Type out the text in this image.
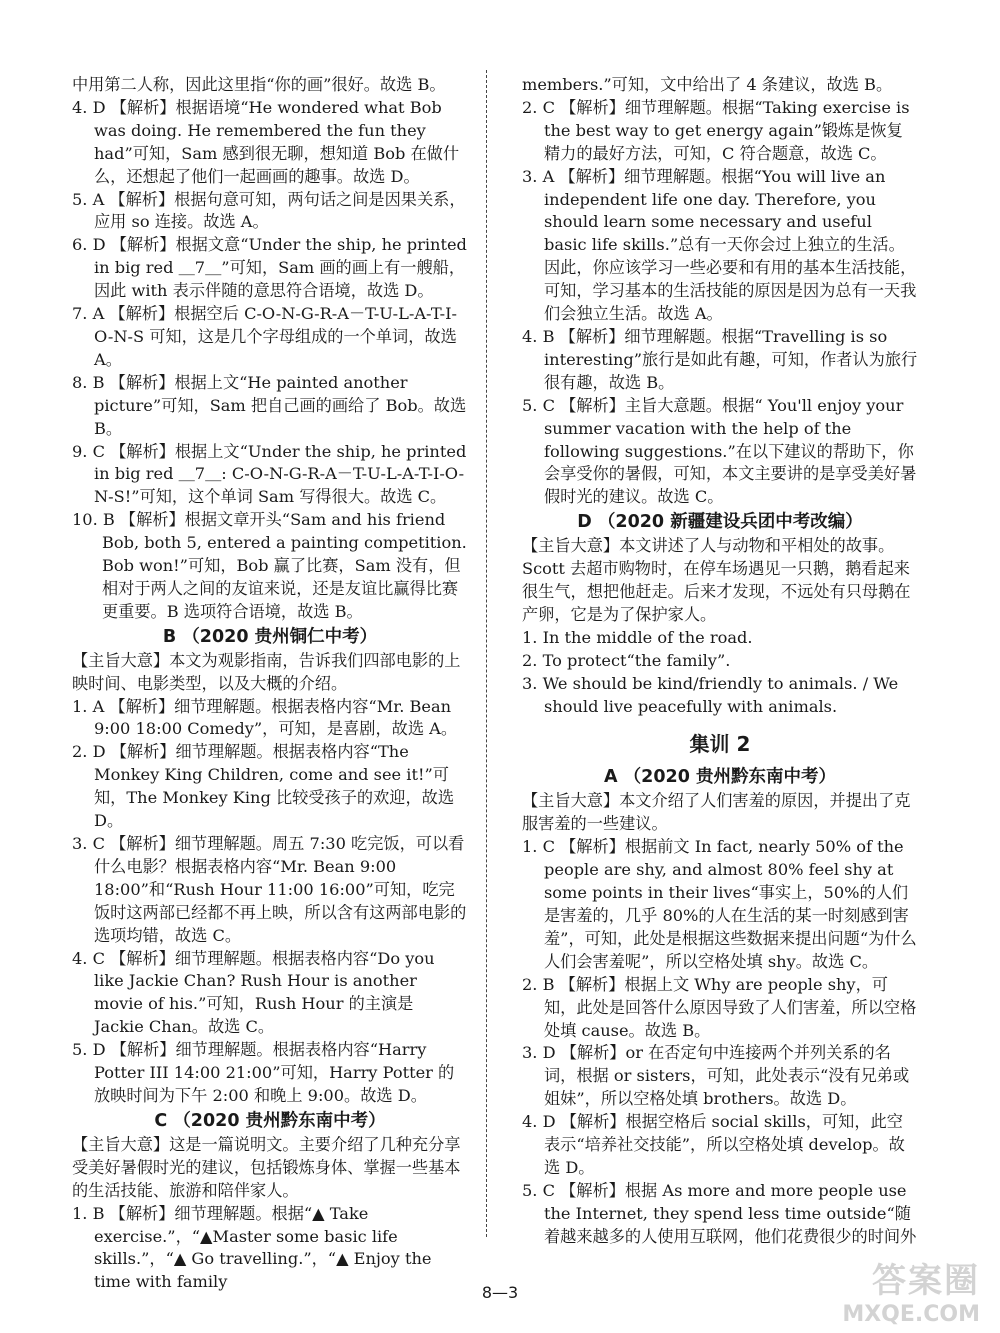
中用第二人称，因此这里指“你的画”很好。故选 B。

4. D 【解析】根据语境“He wondered what Bob was doing. He remembered the fun they had”可知，Sam 感到很无聊，想知道 Bob 在做什么，还想起了他们一起画画的趣事。故选 D。

5. A 【解析】根据句意可知，两句话之间是因果关系，应用 so 连接。故选 A。

6. D 【解析】根据文意“Under the ship, he printed in big red ＿7＿”可知，Sam 画的画上有一艘船，因此 with 表示伴随的意思符合语境，故选 D。

7. A 【解析】根据空后 C-O-N-G-R-A－T-U-L-A-T-I-O-N-S 可知，这是几个字母组成的一个单词，故选 A。

8. B 【解析】根据上文“He painted another picture”可知，Sam 把自己画的画给了 Bob。故选 B。

9. C 【解析】根据上文“Under the ship, he printed in big red ＿7＿: C-O-N-G-R-A－T-U-L-A-T-I-O-N-S!”可知，这个单词 Sam 写得很大。故选 C。

10. B 【解析】根据文章开头“Sam and his friend Bob, both 5, entered a painting competition. Bob won!”可知，Bob 赢了比赛，Sam 没有，但相对于两人之间的友谊来说，还是友谊比赢得比赛更重要。B 选项符合语境，故选 B。

B （2020 贵州铜仁中考）

【主旨大意】本文为观影指南，告诉我们四部电影的上映时间、电影类型，以及大概的介绍。

1. A 【解析】细节理解题。根据表格内容“Mr. Bean 9:00 18:00 Comedy”，可知，是喜剧，故选 A。

2. D 【解析】细节理解题。根据表格内容“The Monkey King Children, come and see it!”可知，The Monkey King 比较受孩子的欢迎，故选 D。

3. C 【解析】细节理解题。周五 7:30 吃完饭，可以看什么电影？根据表格内容“Mr. Bean 9:00 18:00”和“Rush Hour 11:00 16:00”可知，吃完饭时这两部已经都不再上映，所以含有这两部电影的选项均错，故选 C。

4. C 【解析】细节理解题。根据表格内容“Do you like Jackie Chan? Rush Hour is another movie of his.”可知，Rush Hour 的主演是 Jackie Chan。故选 C。

5. D 【解析】细节理解题。根据表格内容“Harry Potter III 14:00 21:00”可知，Harry Potter 的放映时间为下午 2:00 和晚上 9:00。故选 D。

C （2020 贵州黔东南中考）

【主旨大意】这是一篇说明文。主要介绍了几种充分享受美好暑假时光的建议，包括锻炼身体、掌握一些基本的生活技能、旅游和陪伴家人。

1. B 【解析】细节理解题。根据“▲ Take exercise.”，“▲Master some basic life skills.”，“▲ Go travelling.”，“▲ Enjoy the time with family

members.”可知，文中给出了 4 条建议，故选 B。

2. C 【解析】细节理解题。根据“Taking exercise is the best way to get energy again”锻炼是恢复精力的最好方法，可知，C 符合题意，故选 C。

3. A 【解析】细节理解题。根据“You will live an independent life one day. Therefore, you should learn some necessary and useful basic life skills.”总有一天你会过上独立的生活。因此，你应该学习一些必要和有用的基本生活技能，可知，学习基本的生活技能的原因是因为总有一天我们会独立生活。故选 A。

4. B 【解析】细节理解题。根据“Travelling is so interesting”旅行是如此有趣，可知，作者认为旅行很有趣，故选 B。

5. C 【解析】主旨大意题。根据“ You'll enjoy your summer vacation with the help of the following suggestions.”在以下建议的帮助下，你会享受你的暑假，可知，本文主要讲的是享受美好暑假时光的建议。故选 C。

D （2020 新疆建设兵团中考改编）

【主旨大意】本文讲述了人与动物和平相处的故事。Scott 去超市购物时，在停车场遇见一只鹅，鹅看起来很生气，想把他赶走。后来才发现，不远处有只母鹅在产卵，它是为了保护家人。

1. In the middle of the road.

2. To protect“the family”.

3. We should be kind/friendly to animals. / We should live peacefully with animals.

集训 2

A （2020 贵州黔东南中考）

【主旨大意】本文介绍了人们害羞的原因，并提出了克服害羞的一些建议。

1. C 【解析】根据前文 In fact, nearly 50% of the people are shy, and almost 80% feel shy at some points in their lives“事实上，50%的人们是害羞的，几乎 80%的人在生活的某一时刻感到害羞”，可知，此处是根据这些数据来提出问题“为什么人们会害羞呢”，所以空格处填 shy。故选 C。

2. B 【解析】根据上文 Why are people shy，可知，此处是回答什么原因导致了人们害羞，所以空格处填 cause。故选 B。

3. D 【解析】or 在否定句中连接两个并列关系的名词，根据 or sisters，可知，此处表示“没有兄弟或姐妹”，所以空格处填 brothers。故选 D。

4. D 【解析】根据空格后 social skills，可知，此空表示“培养社交技能”，所以空格处填 develop。故选 D。

5. C 【解析】根据 As more and more people use the Internet, they spend less time outside“随着越来越多的人使用互联网，他们花费很少的时间外

8—3	答案圈
MXQE.COM
